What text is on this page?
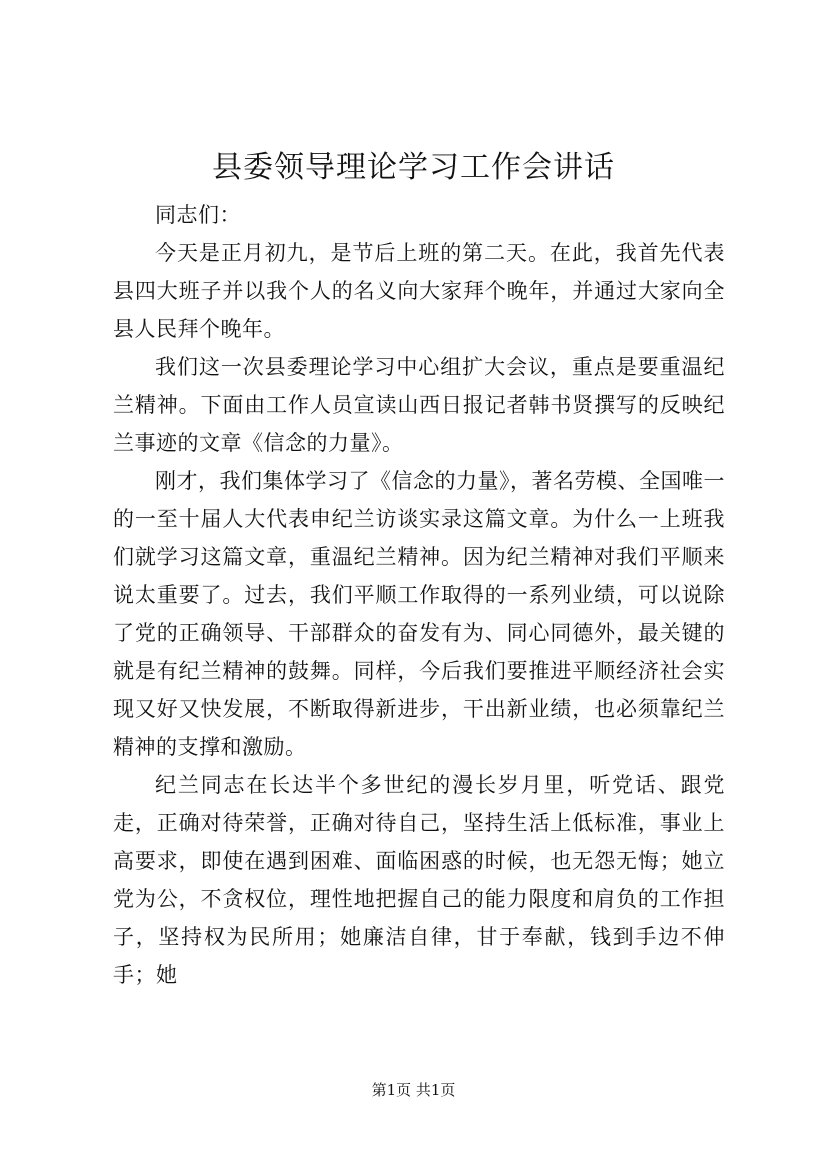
县委领导理论学习工作会讲话

同志们：

今天是正月初九，是节后上班的第二天。在此，我首先代表县四大班子并以我个人的名义向大家拜个晚年，并通过大家向全县人民拜个晚年。

我们这一次县委理论学习中心组扩大会议，重点是要重温纪兰精神。下面由工作人员宣读山西日报记者韩书贤撰写的反映纪兰事迹的文章《信念的力量》。

刚才，我们集体学习了《信念的力量》，著名劳模、全国唯一的一至十届人大代表申纪兰访谈实录这篇文章。为什么一上班我们就学习这篇文章，重温纪兰精神。因为纪兰精神对我们平顺来说太重要了。过去，我们平顺工作取得的一系列业绩，可以说除了党的正确领导、干部群众的奋发有为、同心同德外，最关键的就是有纪兰精神的鼓舞。同样，今后我们要推进平顺经济社会实现又好又快发展，不断取得新进步，干出新业绩，也必须靠纪兰精神的支撑和激励。

纪兰同志在长达半个多世纪的漫长岁月里，听党话、跟党走，正确对待荣誉，正确对待自己，坚持生活上低标准，事业上高要求，即使在遇到困难、面临困惑的时候，也无怨无悔；她立党为公，不贪权位，理性地把握自己的能力限度和肩负的工作担子，坚持权为民所用；她廉洁自律，甘于奉献，钱到手边不伸手；她

第1页 共1页
